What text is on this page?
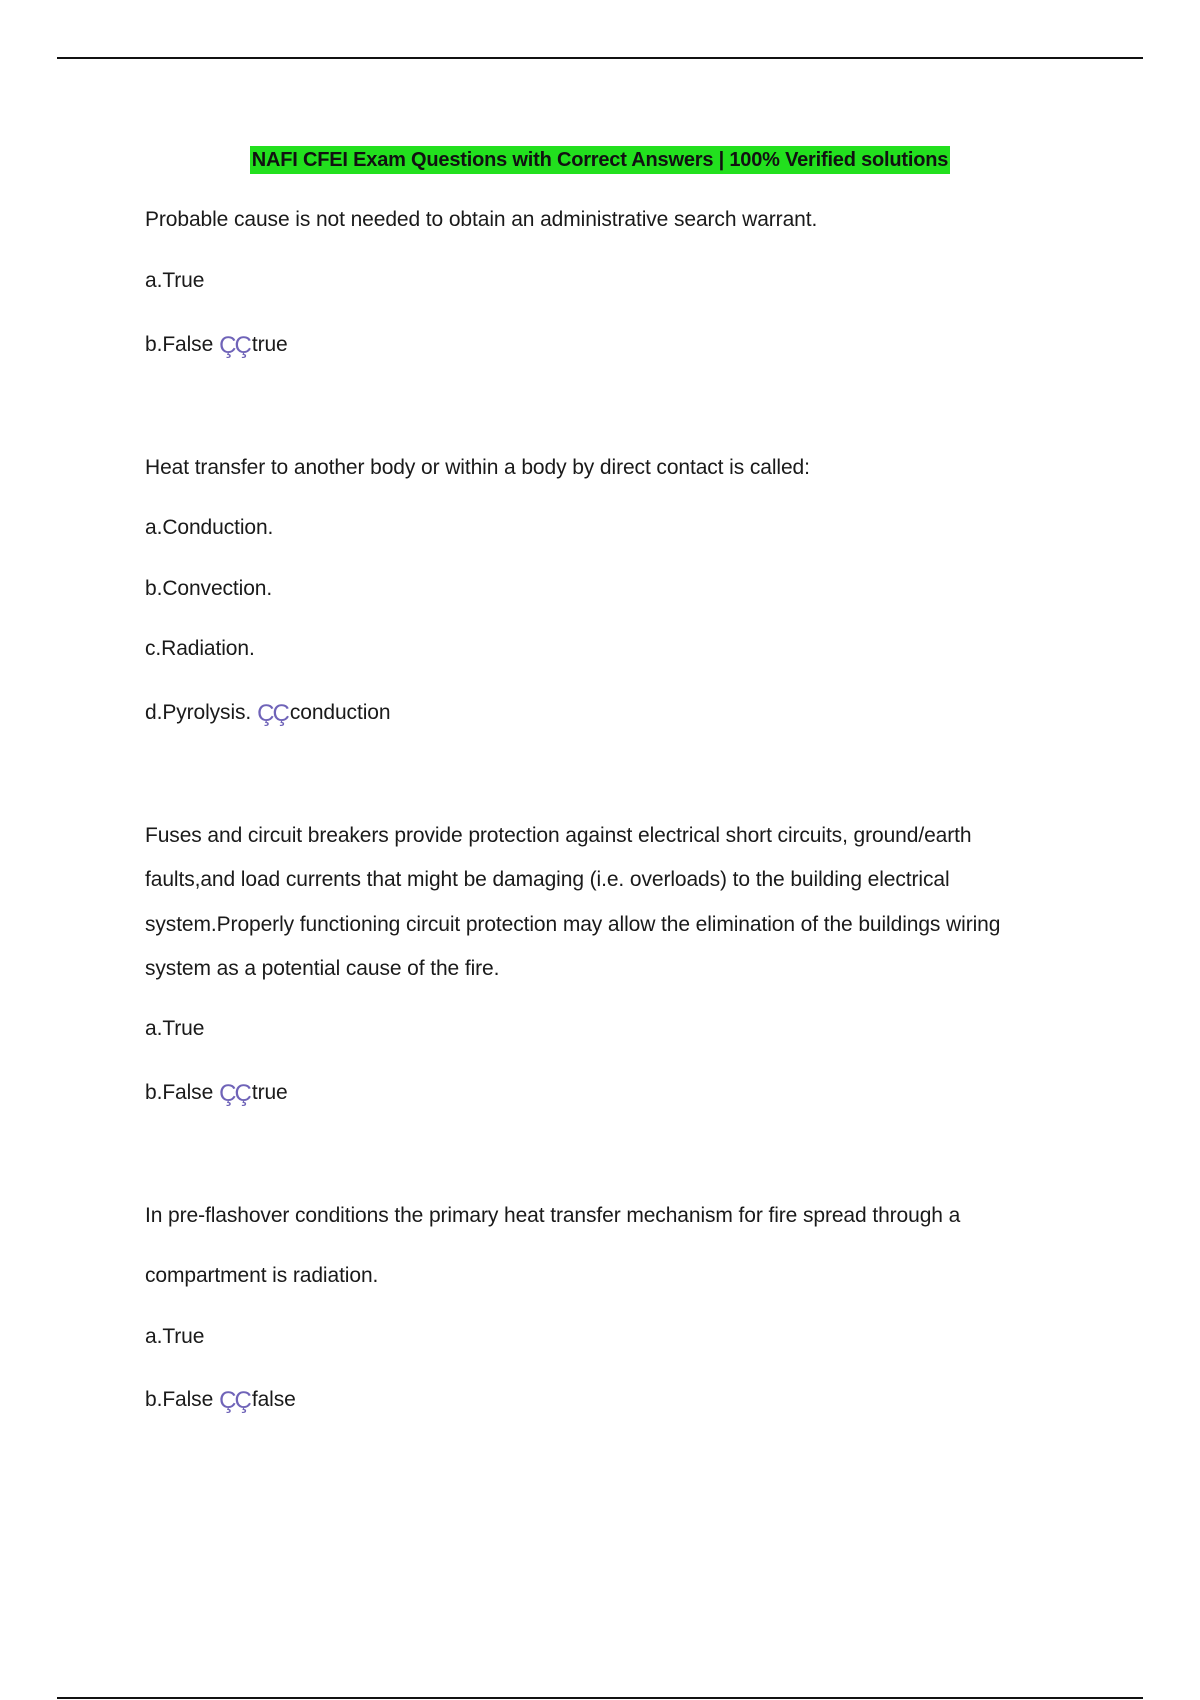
NAFI CFEI Exam Questions with Correct Answers | 100% Verified solutions
Probable cause is not needed to obtain an administrative search warrant.
a.True
b.False ÇÇtrue
Heat transfer to another body or within a body by direct contact is called:
a.Conduction.
b.Convection.
c.Radiation.
d.Pyrolysis. ÇÇconduction
Fuses and circuit breakers provide protection against electrical short circuits, ground/earth
faults,and load currents that might be damaging (i.e. overloads) to the building electrical
system.Properly functioning circuit protection may allow the elimination of the buildings wiring
system as a potential cause of the fire.
a.True
b.False ÇÇtrue
In pre-flashover conditions the primary heat transfer mechanism for fire spread through a
compartment is radiation.
a.True
b.False ÇÇfalse
